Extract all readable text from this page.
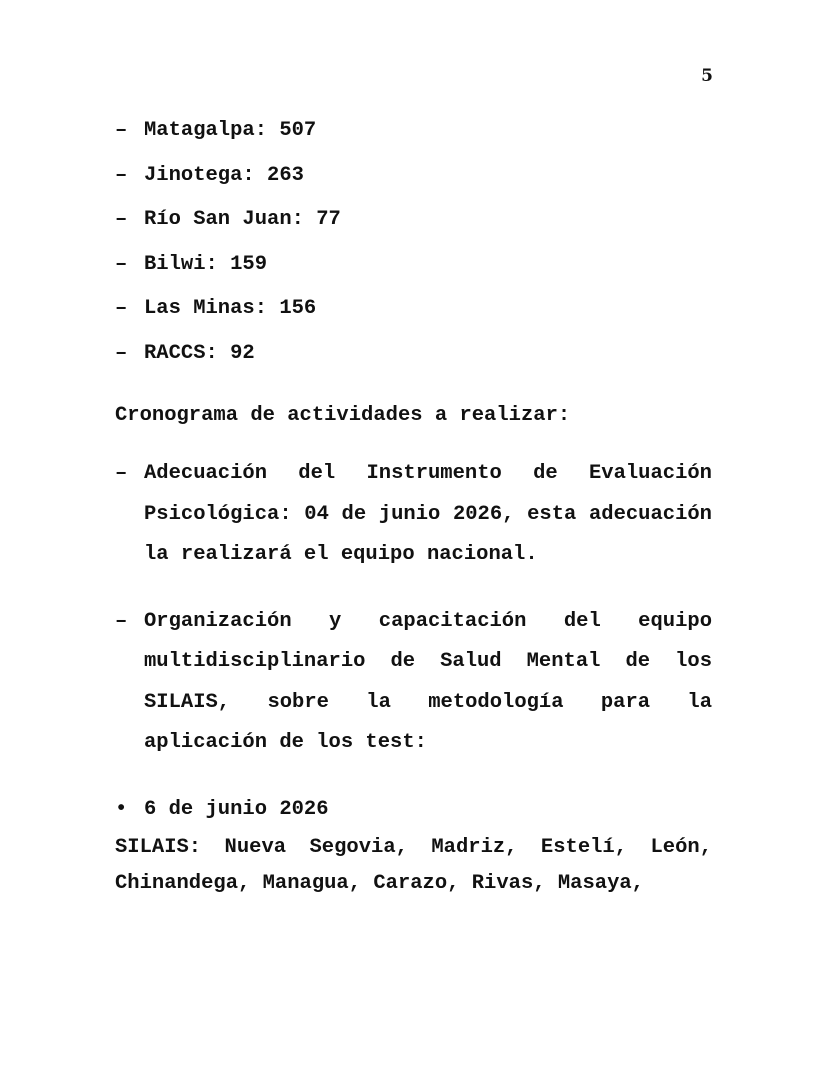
5
– Matagalpa: 507
– Jinotega: 263
– Río San Juan: 77
– Bilwi: 159
– Las Minas: 156
– RACCS: 92
Cronograma de actividades a realizar:
– Adecuación del Instrumento de Evaluación Psicológica: 04 de junio 2026, esta adecuación la realizará el equipo nacional.
– Organización y capacitación del equipo multidisciplinario de Salud Mental de los SILAIS, sobre la metodología para la aplicación de los test:
• 6 de junio 2026
SILAIS: Nueva Segovia, Madriz, Estelí, León, Chinandega, Managua, Carazo, Rivas, Masaya,
